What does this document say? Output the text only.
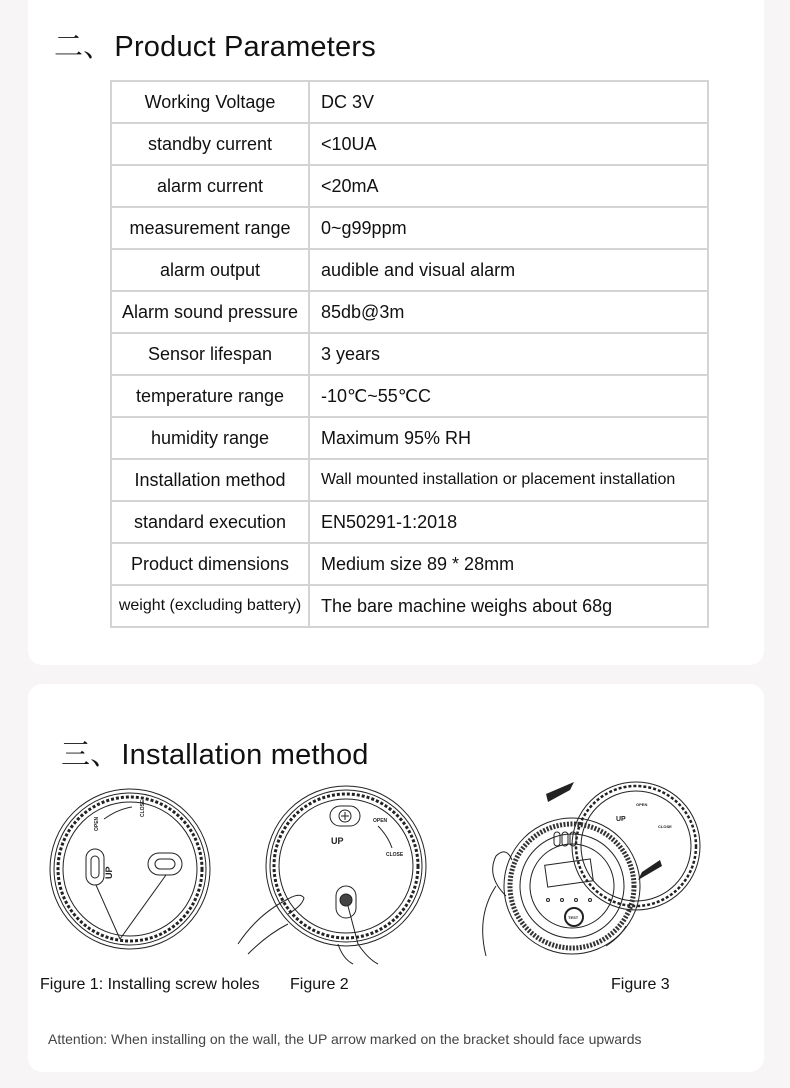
二、Product Parameters
Working Voltage	DC 3V
standby current	<10UA
alarm current	<20mA
measurement range	0~g99ppm
alarm output	audible and visual alarm
Alarm sound pressure	85db@3m
Sensor lifespan	3 years
temperature range	-10℃~55℃C
humidity range	Maximum 95% RH
Installation method	Wall mounted installation or placement installation
standard execution	EN50291-1:2018
Product dimensions	Medium size 89 * 28mm
weight (excluding battery)	The bare machine weighs about 68g
三、Installation method
UP
OPEN
CLOSE
Figure 1: Installing screw holes
UP
OPEN
CLOSE
Figure 2
UP
OPEN
CLOSE
TEST
Figure 3
Attention: When installing on the wall, the UP arrow marked on the bracket should face upwards
